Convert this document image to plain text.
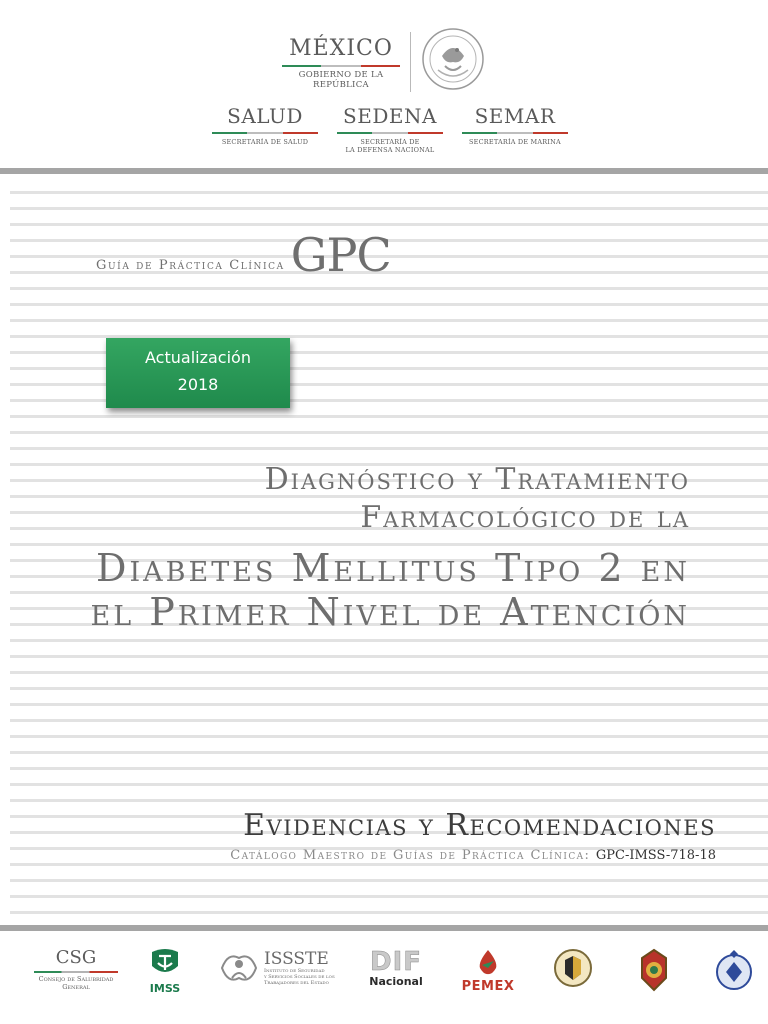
MÉXICO
GOBIERNO DE LA REPÚBLICA
SALUD
SECRETARÍA DE SALUD
SEDENA
SECRETARÍA DE
LA DEFENSA NACIONAL
SEMAR
SECRETARÍA DE MARINA
Guía de Práctica Clínica GPC
Actualización
2018
Diagnóstico y Tratamiento
Farmacológico de la
Diabetes Mellitus Tipo 2 en
el Primer Nivel de Atención
Evidencias y Recomendaciones
Catálogo Maestro de Guías de Práctica Clínica: GPC-IMSS-718-18
CSG
Consejo de Salubridad
General	IMSS
ISSSTE
Instituto de Seguridad
y Servicios Sociales de los
Trabajadores del Estado
DIF
Nacional	PEMEX
